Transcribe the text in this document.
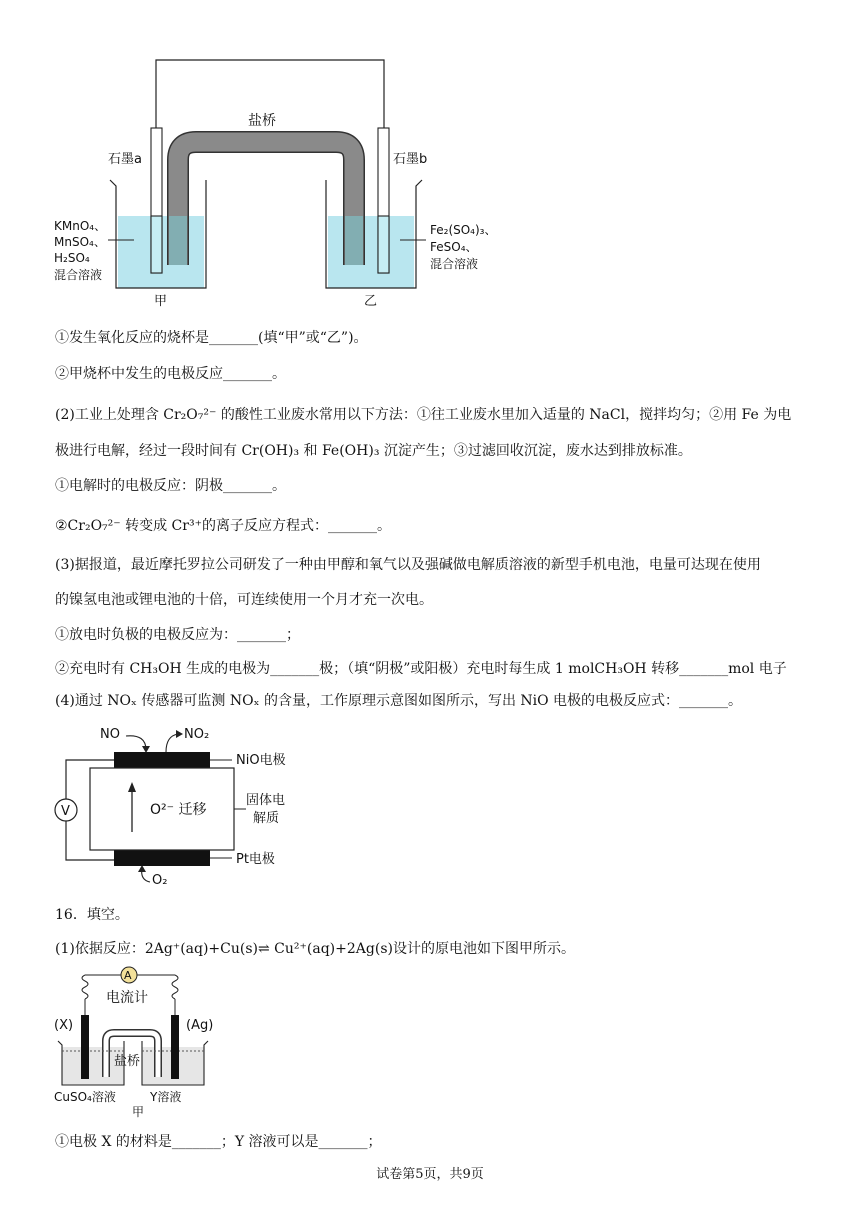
盐桥
石墨a	石墨b
KMnO₄、
MnSO₄、
H₂SO₄
混合溶液
Fe₂(SO₄)₃、
FeSO₄、
混合溶液
甲	乙
①发生氧化反应的烧杯是_______(填“甲”或“乙”)。
②甲烧杯中发生的电极反应_______。
(2)工业上处理含 Cr₂O₇²⁻ 的酸性工业废水常用以下方法：①往工业废水里加入适量的 NaCl，搅拌均匀；②用 Fe 为电
极进行电解，经过一段时间有 Cr(OH)₃ 和 Fe(OH)₃ 沉淀产生；③过滤回收沉淀，废水达到排放标准。
①电解时的电极反应：阴极_______。
②Cr₂O₇²⁻ 转变成 Cr³⁺的离子反应方程式：_______。
(3)据报道，最近摩托罗拉公司研发了一种由甲醇和氧气以及强碱做电解质溶液的新型手机电池，电量可达现在使用
的镍氢电池或锂电池的十倍，可连续使用一个月才充一次电。
①放电时负极的电极反应为：_______；
②充电时有 CH₃OH 生成的电极为_______极；（填“阴极”或阳极）充电时每生成 1 molCH₃OH 转移_______mol 电子
(4)通过 NOₓ 传感器可监测 NOₓ 的含量，工作原理示意图如图所示，写出 NiO 电极的电极反应式：_______。
V	O²⁻ 迁移
NO	NO₂
NiO电极
固体电
解质
Pt电极
O₂
16．填空。
(1)依据反应：2Ag⁺(aq)+Cu(s)⇌ Cu²⁺(aq)+2Ag(s)设计的原电池如下图甲所示。
A
电流计
(X)	(Ag)
盐桥
CuSO₄溶液	Y溶液
甲
①电极 X 的材料是_______；Y 溶液可以是_______；
试卷第5页，共9页
